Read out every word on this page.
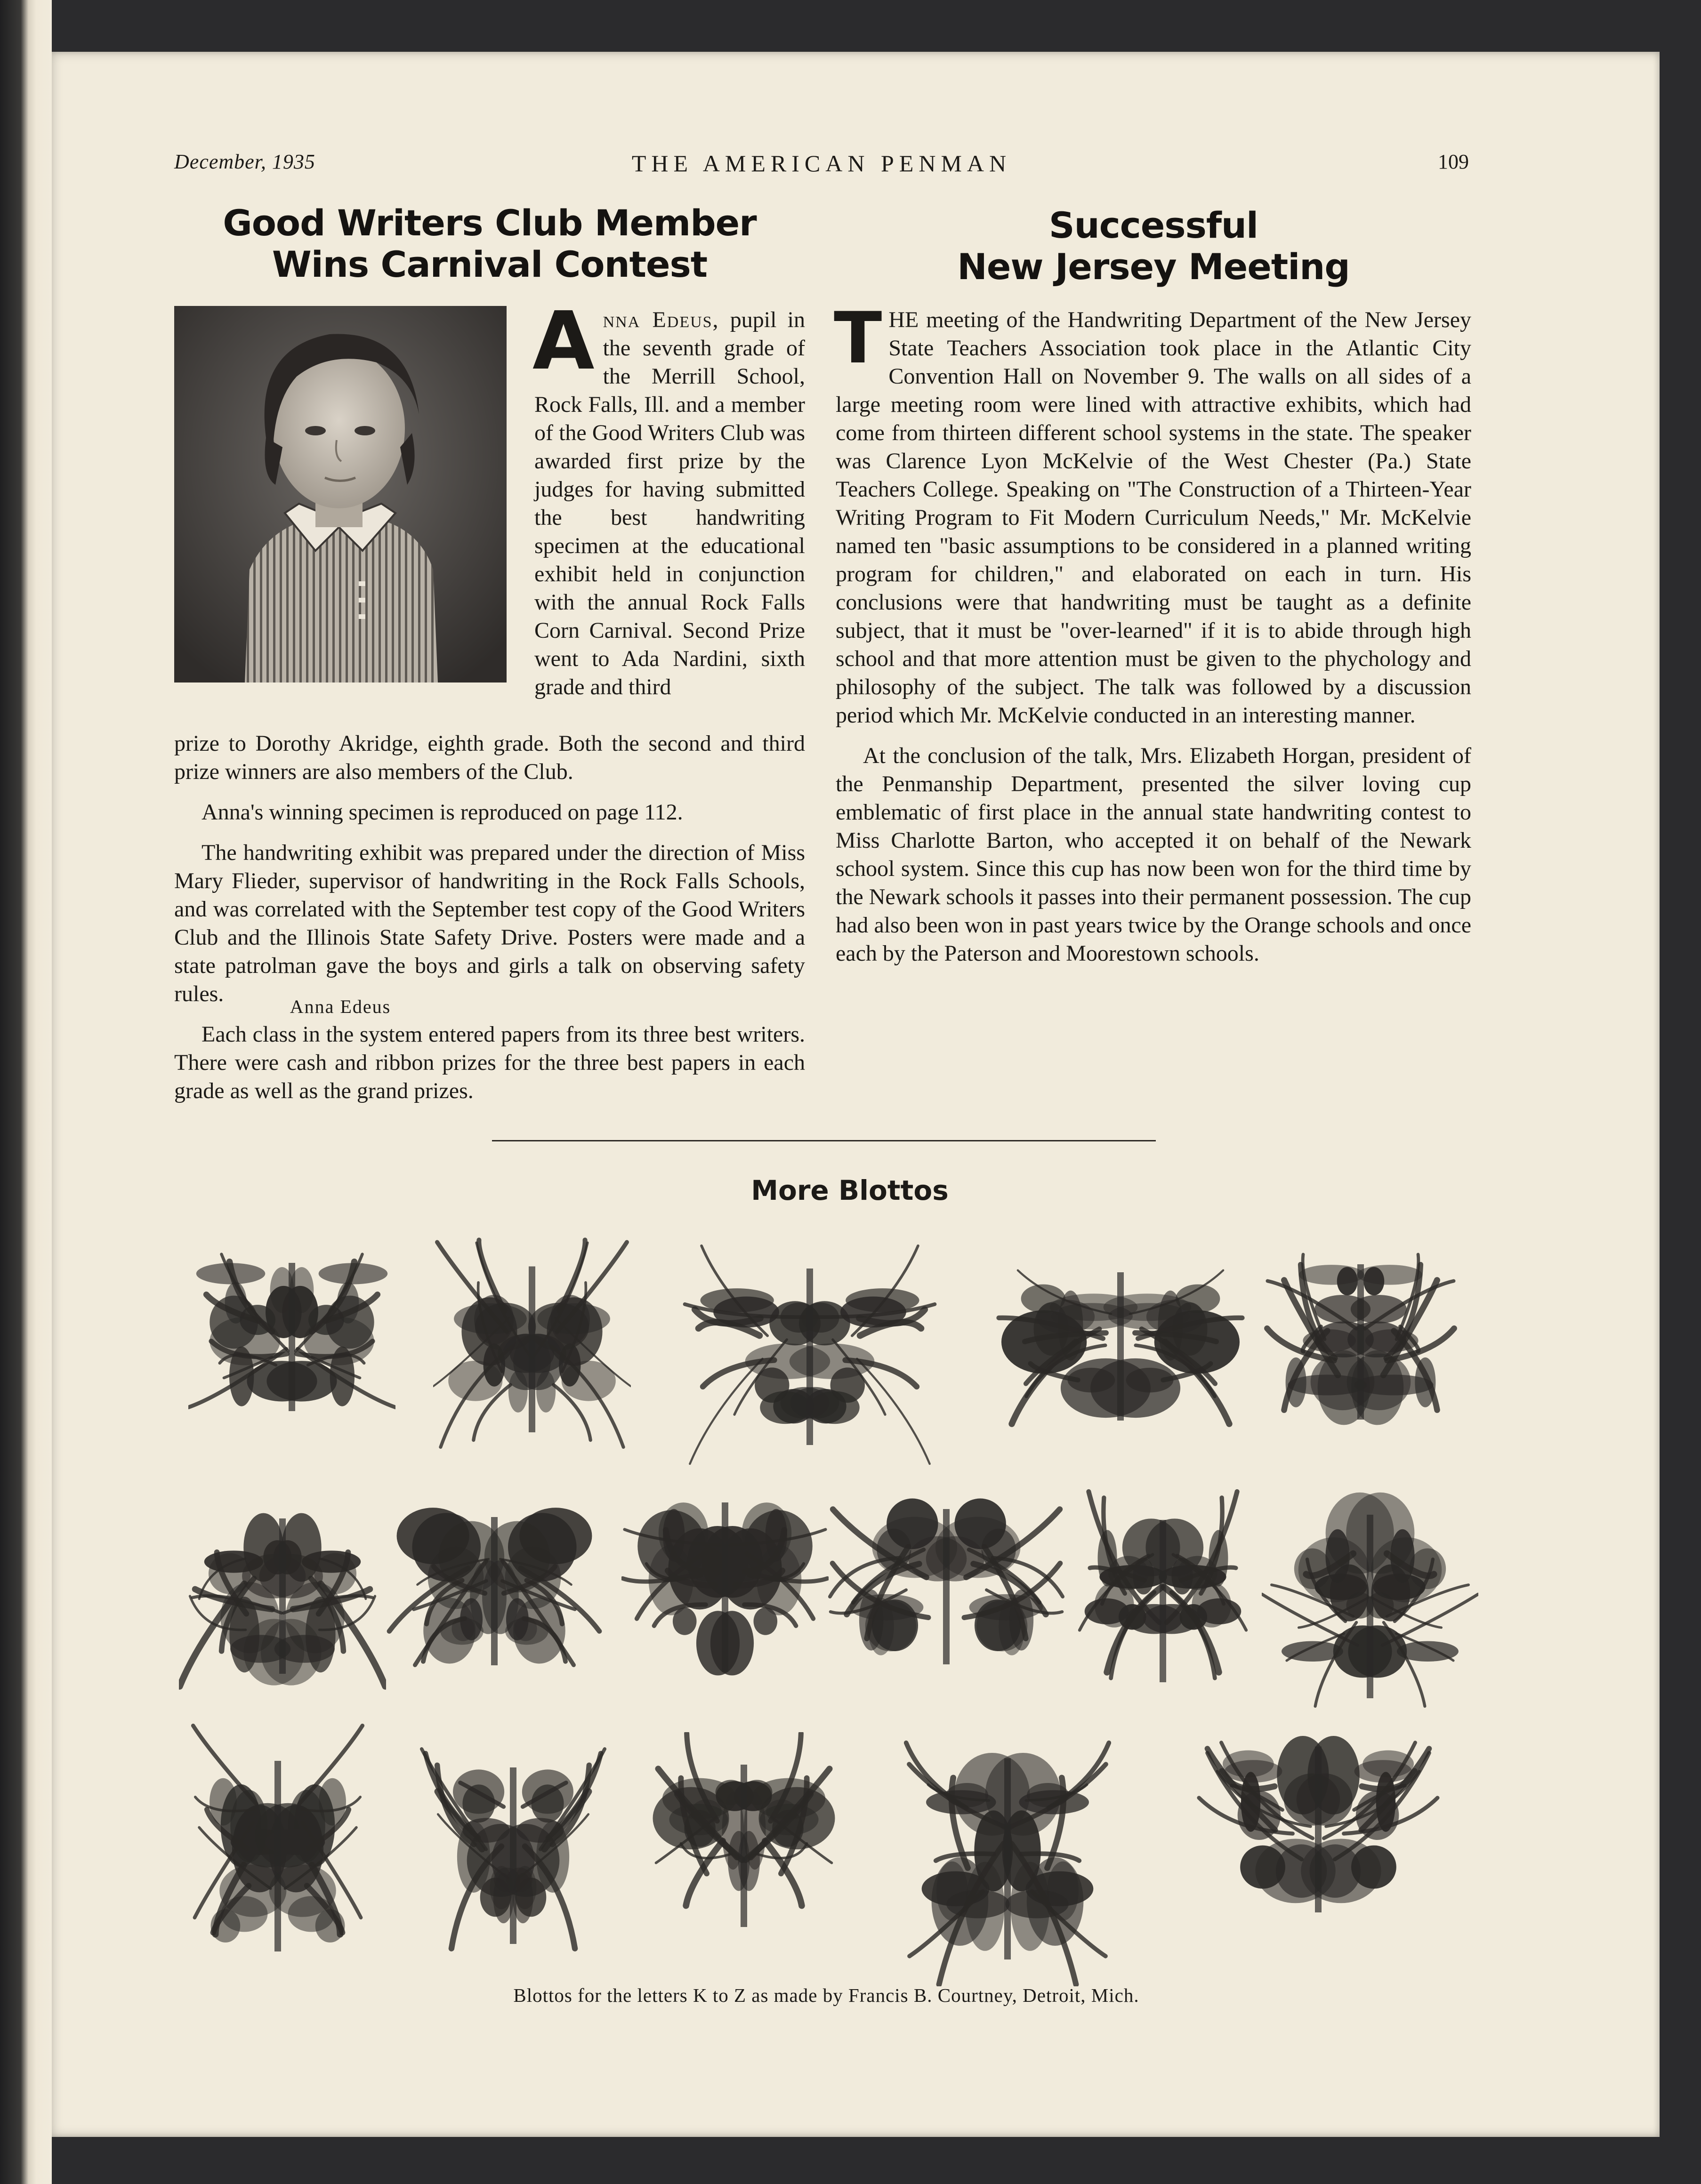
December, 1935	THE AMERICAN PENMAN	109
Good Writers Club Member
Wins Carnival Contest
Anna Edeus
Anna Edeus, pupil in the seventh grade of the Merrill School, Rock Falls, Ill. and a member of the Good Writers Club was awarded first prize by the judges for having submitted the best handwriting specimen at the educational exhibit held in conjunction with the annual Rock Falls Corn Carnival. Second Prize went to Ada Nardini, sixth grade and third

prize to Dorothy Akridge, eighth grade. Both the second and third prize winners are also members of the Club.

Anna's winning specimen is reproduced on page 112.

The handwriting exhibit was prepared under the direction of Miss Mary Flieder, supervisor of handwriting in the Rock Falls Schools, and was correlated with the September test copy of the Good Writers Club and the Illinois State Safety Drive. Posters were made and a state patrolman gave the boys and girls a talk on observing safety rules.

Each class in the system entered papers from its three best writers. There were cash and ribbon prizes for the three best papers in each grade as well as the grand prizes.

Successful
New Jersey Meeting

THE meeting of the Handwriting Department of the New Jersey State Teachers Association took place in the Atlantic City Convention Hall on November 9. The walls on all sides of a large meeting room were lined with attractive exhibits, which had come from thirteen different school systems in the state. The speaker was Clarence Lyon McKelvie of the West Chester (Pa.) State Teachers College. Speaking on "The Construction of a Thirteen-Year Writing Program to Fit Modern Curriculum Needs," Mr. McKelvie named ten "basic assumptions to be considered in a planned writing program for children," and elaborated on each in turn. His conclusions were that handwriting must be taught as a definite subject, that it must be "over-learned" if it is to abide through high school and that more attention must be given to the phychology and philosophy of the subject. The talk was followed by a discussion period which Mr. McKelvie conducted in an interesting manner.

At the conclusion of the talk, Mrs. Elizabeth Horgan, president of the Penmanship Department, presented the silver loving cup emblematic of first place in the annual state handwriting contest to Miss Charlotte Barton, who accepted it on behalf of the Newark school system. Since this cup has now been won for the third time by the Newark schools it passes into their permanent possession. The cup had also been won in past years twice by the Orange schools and once each by the Paterson and Moorestown schools.

More Blottos
Blottos for the letters K to Z as made by Francis B. Courtney, Detroit, Mich.
